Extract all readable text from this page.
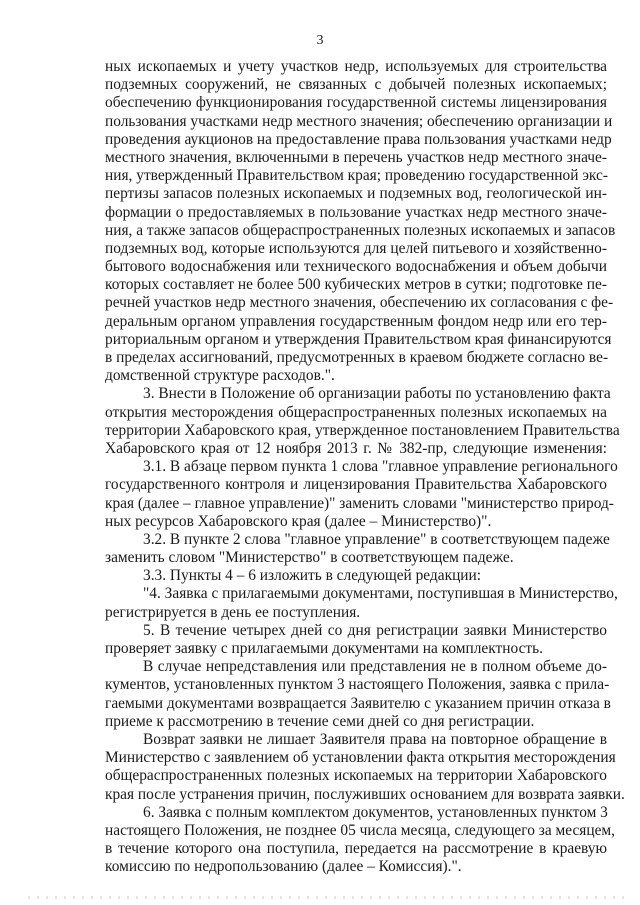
3
ных ископаемых и учету участков недр, используемых для строительства
подземных сооружений, не связанных с добычей полезных ископаемых;
обеспечению функционирования государственной системы лицензирования
пользования участками недр местного значения; обеспечению организации и
проведения аукционов на предоставление права пользования участками недр
местного значения, включенными в перечень участков недр местного значе-
ния, утвержденный Правительством края; проведению государственной экс-
пертизы запасов полезных ископаемых и подземных вод, геологической ин-
формации о предоставляемых в пользование участках недр местного значе-
ния, а также запасов общераспространенных полезных ископаемых и запасов
подземных вод, которые используются для целей питьевого и хозяйственно-
бытового водоснабжения или технического водоснабжения и объем добычи
которых составляет не более 500 кубических метров в сутки; подготовке пе-
речней участков недр местного значения, обеспечению их согласования с фе-
деральным органом управления государственным фондом недр или его тер-
риториальным органом и утверждения Правительством края финансируются
в пределах ассигнований, предусмотренных в краевом бюджете согласно ве-
домственной структуре расходов.".
3. Внести в Положение об организации работы по установлению факта
открытия месторождения общераспространенных полезных ископаемых на
территории Хабаровского края, утвержденное постановлением Правительства
Хабаровского края от 12 ноября 2013 г. № 382-пр, следующие изменения:
3.1. В абзаце первом пункта 1 слова "главное управление регионального
государственного контроля и лицензирования Правительства Хабаровского
края (далее – главное управление)" заменить словами "министерство природ-
ных ресурсов Хабаровского края (далее – Министерство)".
3.2. В пункте 2 слова "главное управление" в соответствующем падеже
заменить словом "Министерство" в соответствующем падеже.
3.3. Пункты 4 – 6 изложить в следующей редакции:
"4. Заявка с прилагаемыми документами, поступившая в Министерство,
регистрируется в день ее поступления.
5. В течение четырех дней со дня регистрации заявки Министерство
проверяет заявку с прилагаемыми документами на комплектность.
В случае непредставления или представления не в полном объеме до-
кументов, установленных пунктом 3 настоящего Положения, заявка с прила-
гаемыми документами возвращается Заявителю с указанием причин отказа в
приеме к рассмотрению в течение семи дней со дня регистрации.
Возврат заявки не лишает Заявителя права на повторное обращение в
Министерство с заявлением об установлении факта открытия месторождения
общераспространенных полезных ископаемых на территории Хабаровского
края после устранения причин, послуживших основанием для возврата заявки.
6. Заявка с полным комплектом документов, установленных пунктом 3
настоящего Положения, не позднее 05 числа месяца, следующего за месяцем,
в течение которого она поступила, передается на рассмотрение в краевую
комиссию по недропользованию (далее – Комиссия).".
